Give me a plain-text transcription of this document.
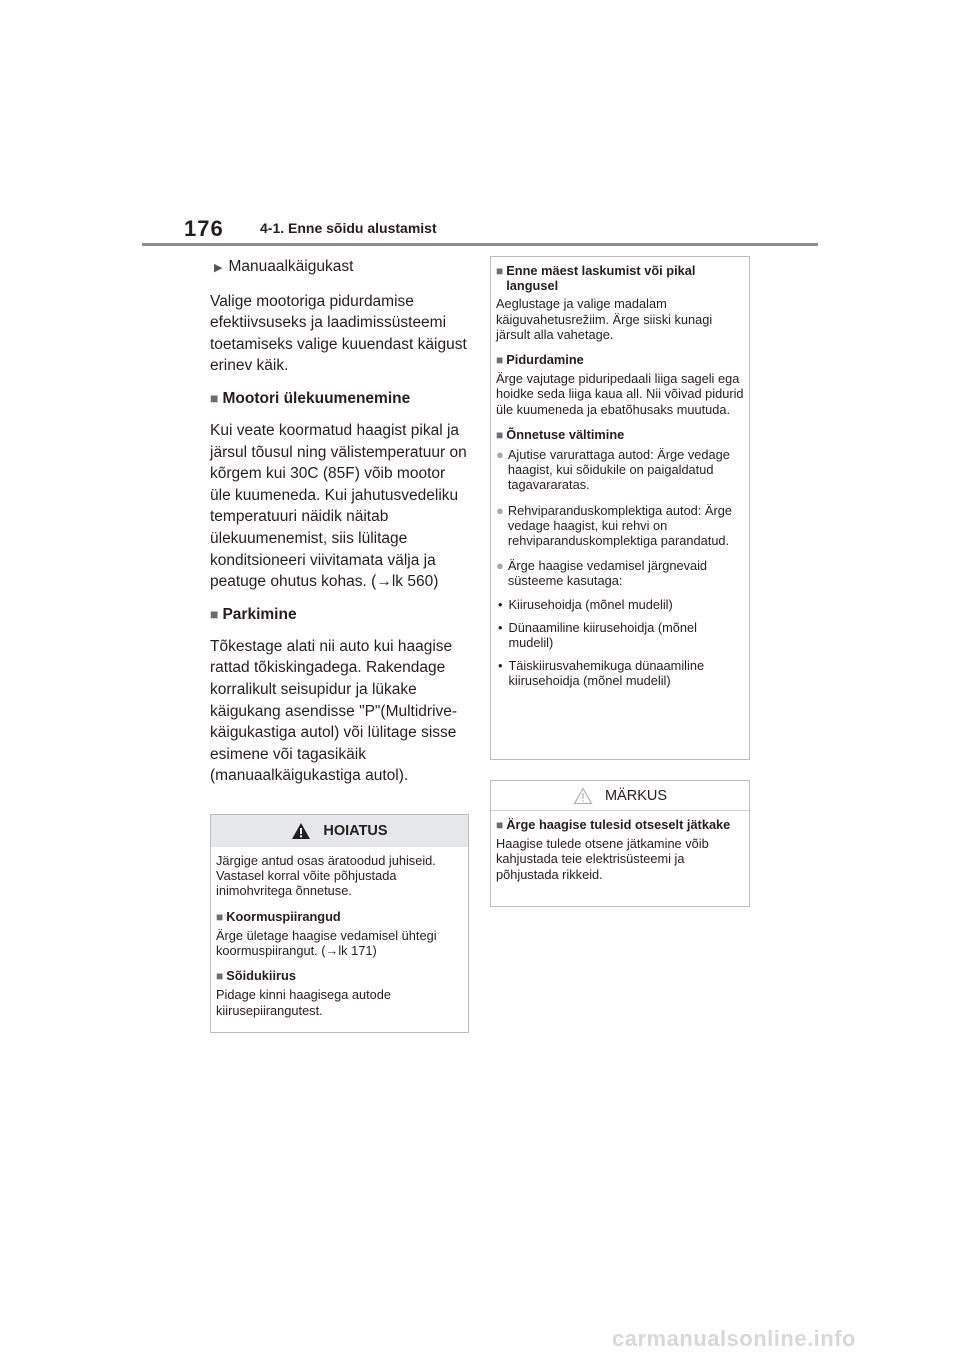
176	4-1. Enne sõidu alustamist
▶ Manuaalkäigukast
Valige mootoriga pidurdamise efektiivsuseks ja laadimissüsteemi toetamiseks valige kuuendast käigust erinev käik.
■ Mootori ülekuumenemine
Kui veate koormatud haagist pikal ja järsul tõusul ning välistemperatuur on kõrgem kui 30C (85F) võib mootor üle kuumeneda. Kui jahutusvedeliku temperatuuri näidik näitab ülekuumenemist, siis lülitage konditsioneeri viivitamata välja ja peatuge ohutus kohas. (→lk 560)
■ Parkimine
Tõkestage alati nii auto kui haagise rattad tõkiskingadega. Rakendage korralikult seisupidur ja lükake käigukang asendisse "P"(Multidrive-käigukastiga autol) või lülitage sisse esimene või tagasikäik (manuaalkäigukastiga autol).
HOIATUS
Järgige antud osas äratoodud juhiseid. Vastasel korral võite põhjustada inimohvritega õnnetuse.
■ Koormuspiirangud
Ärge ületage haagise vedamisel ühtegi koormuspiirangut. (→lk 171)
■ Sõidukiirus
Pidage kinni haagisega autode kiirusepiirangutest.
■ Enne mäest laskumist või pikal langusel
Aeglustage ja valige madalam käiguvahetusrežiim. Ärge siiski kunagi järsult alla vahetage.
■ Pidurdamine
Ärge vajutage piduripedaali liiga sageli ega hoidke seda liiga kaua all. Nii võivad pidurid üle kuumeneda ja ebatõhusaks muutuda.
■ Õnnetuse vältimine
● Ajutise varurattaga autod: Ärge vedage haagist, kui sõidukile on paigaldatud tagavararatas.
● Rehviparanduskomplektiga autod: Ärge vedage haagist, kui rehvi on rehviparanduskomplektiga parandatud.
● Ärge haagise vedamisel järgnevaid süsteeme kasutaga:
• Kiirusehoidja (mõnel mudelil)
• Dünaamiline kiirusehoidja (mõnel mudelil)
• Täiskiirusvahemikuga dünaamiline kiirusehoidja (mõnel mudelil)
MÄRKUS
■ Ärge haagise tulesid otseselt jätkake
Haagise tulede otsene jätkamine võib kahjustada teie elektrisüsteemi ja põhjustada rikkeid.
carmanualsonline.info
